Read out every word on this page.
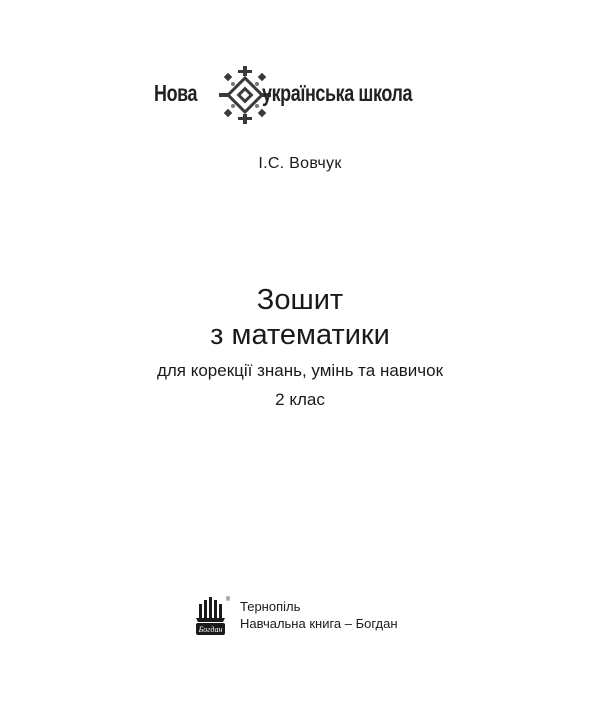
Нова	українська школа
І.С. Вовчук
Зошит
з математики
для корекції знань, умінь та навичок
2 клас
Богдан
® Тернопіль
Навчальна книга – Богдан
